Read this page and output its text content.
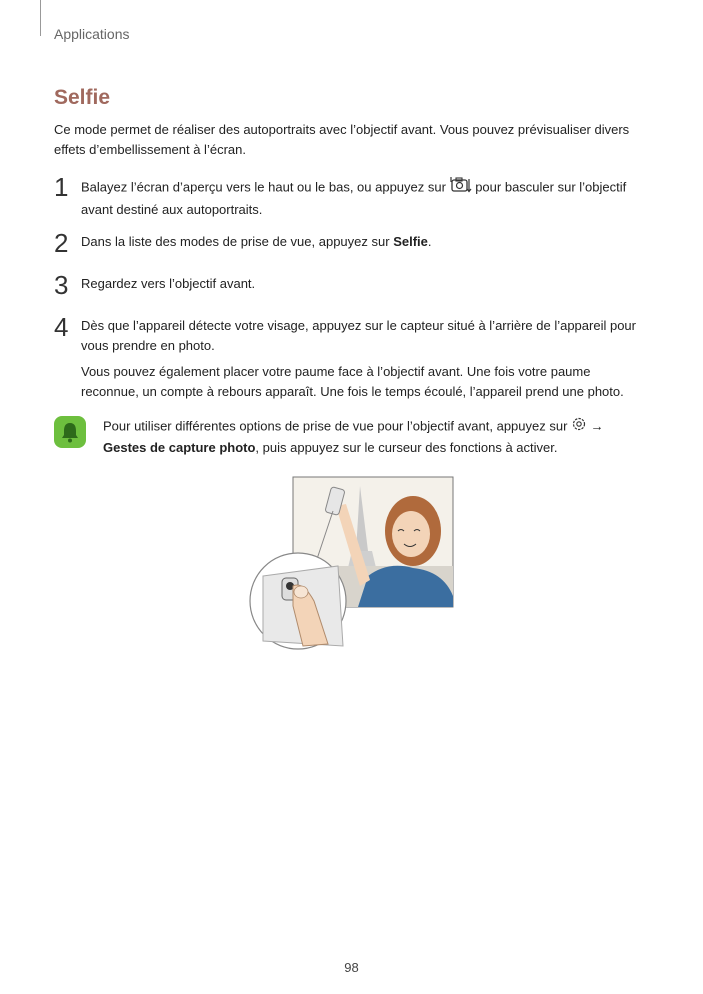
Applications
Selfie
Ce mode permet de réaliser des autoportraits avec l’objectif avant. Vous pouvez prévisualiser divers effets d’embellissement à l’écran.
1 Balayez l’écran d’aperçu vers le haut ou le bas, ou appuyez sur pour basculer sur l’objectif avant destiné aux autoportraits.
2 Dans la liste des modes de prise de vue, appuyez sur Selfie.
3 Regardez vers l’objectif avant.
4 Dès que l’appareil détecte votre visage, appuyez sur le capteur situé à l’arrière de l’appareil pour vous prendre en photo.
Vous pouvez également placer votre paume face à l’objectif avant. Une fois votre paume reconnue, un compte à rebours apparaît. Une fois le temps écoulé, l’appareil prend une photo.
Pour utiliser différentes options de prise de vue pour l’objectif avant, appuyez sur →
Gestes de capture photo, puis appuyez sur le curseur des fonctions à activer.
98
